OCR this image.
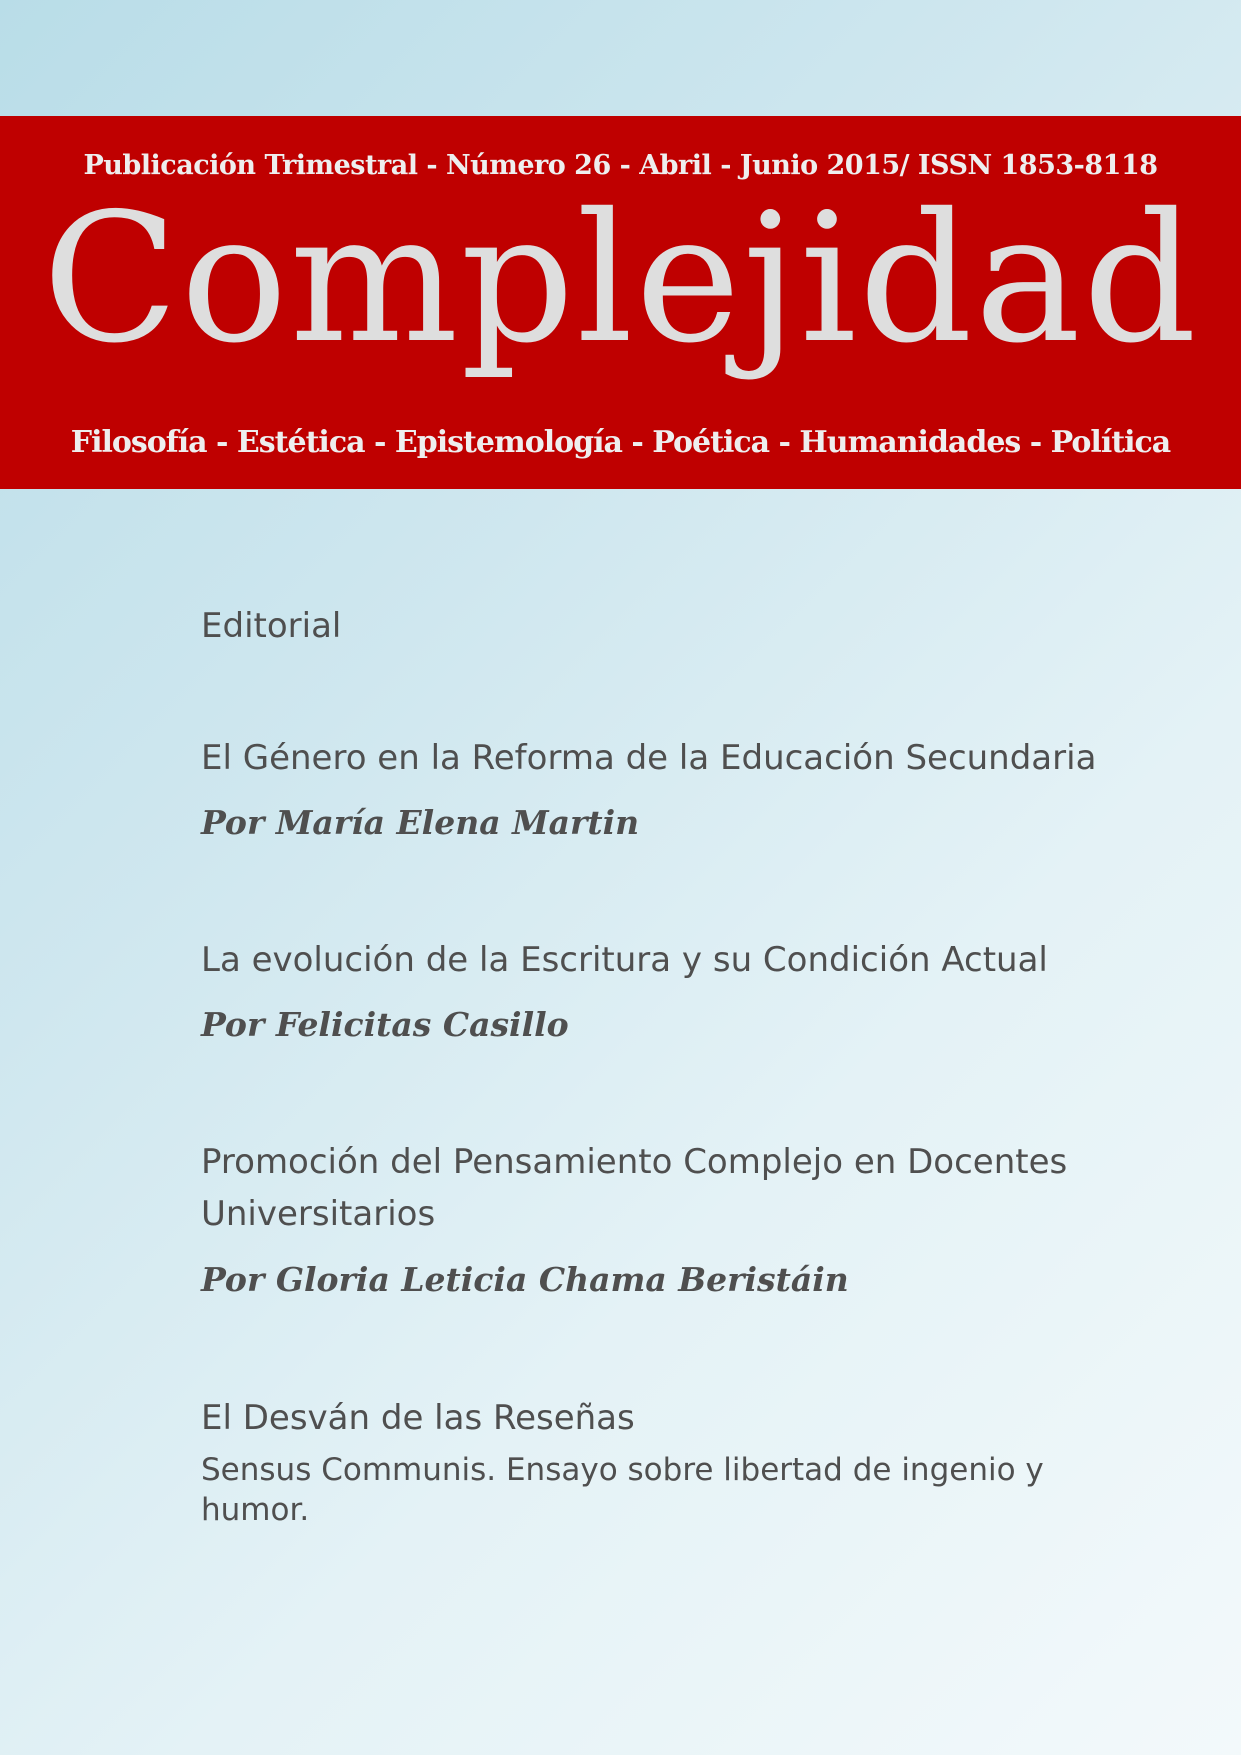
Publicación Trimestral - Número 26 - Abril - Junio 2015/ ISSN 1853-8118
Complejidad
Filosofía - Estética - Epistemología - Poética - Humanidades - Política
Editorial
El Género en la Reforma de la Educación Secundaria
Por María Elena Martin
La evolución de la Escritura y su Condición Actual
Por Felicitas Casillo
Promoción del Pensamiento Complejo en Docentes Universitarios
Por Gloria Leticia Chama Beristáin
El Desván de las Reseñas
Sensus Communis. Ensayo sobre libertad de ingenio y humor.
